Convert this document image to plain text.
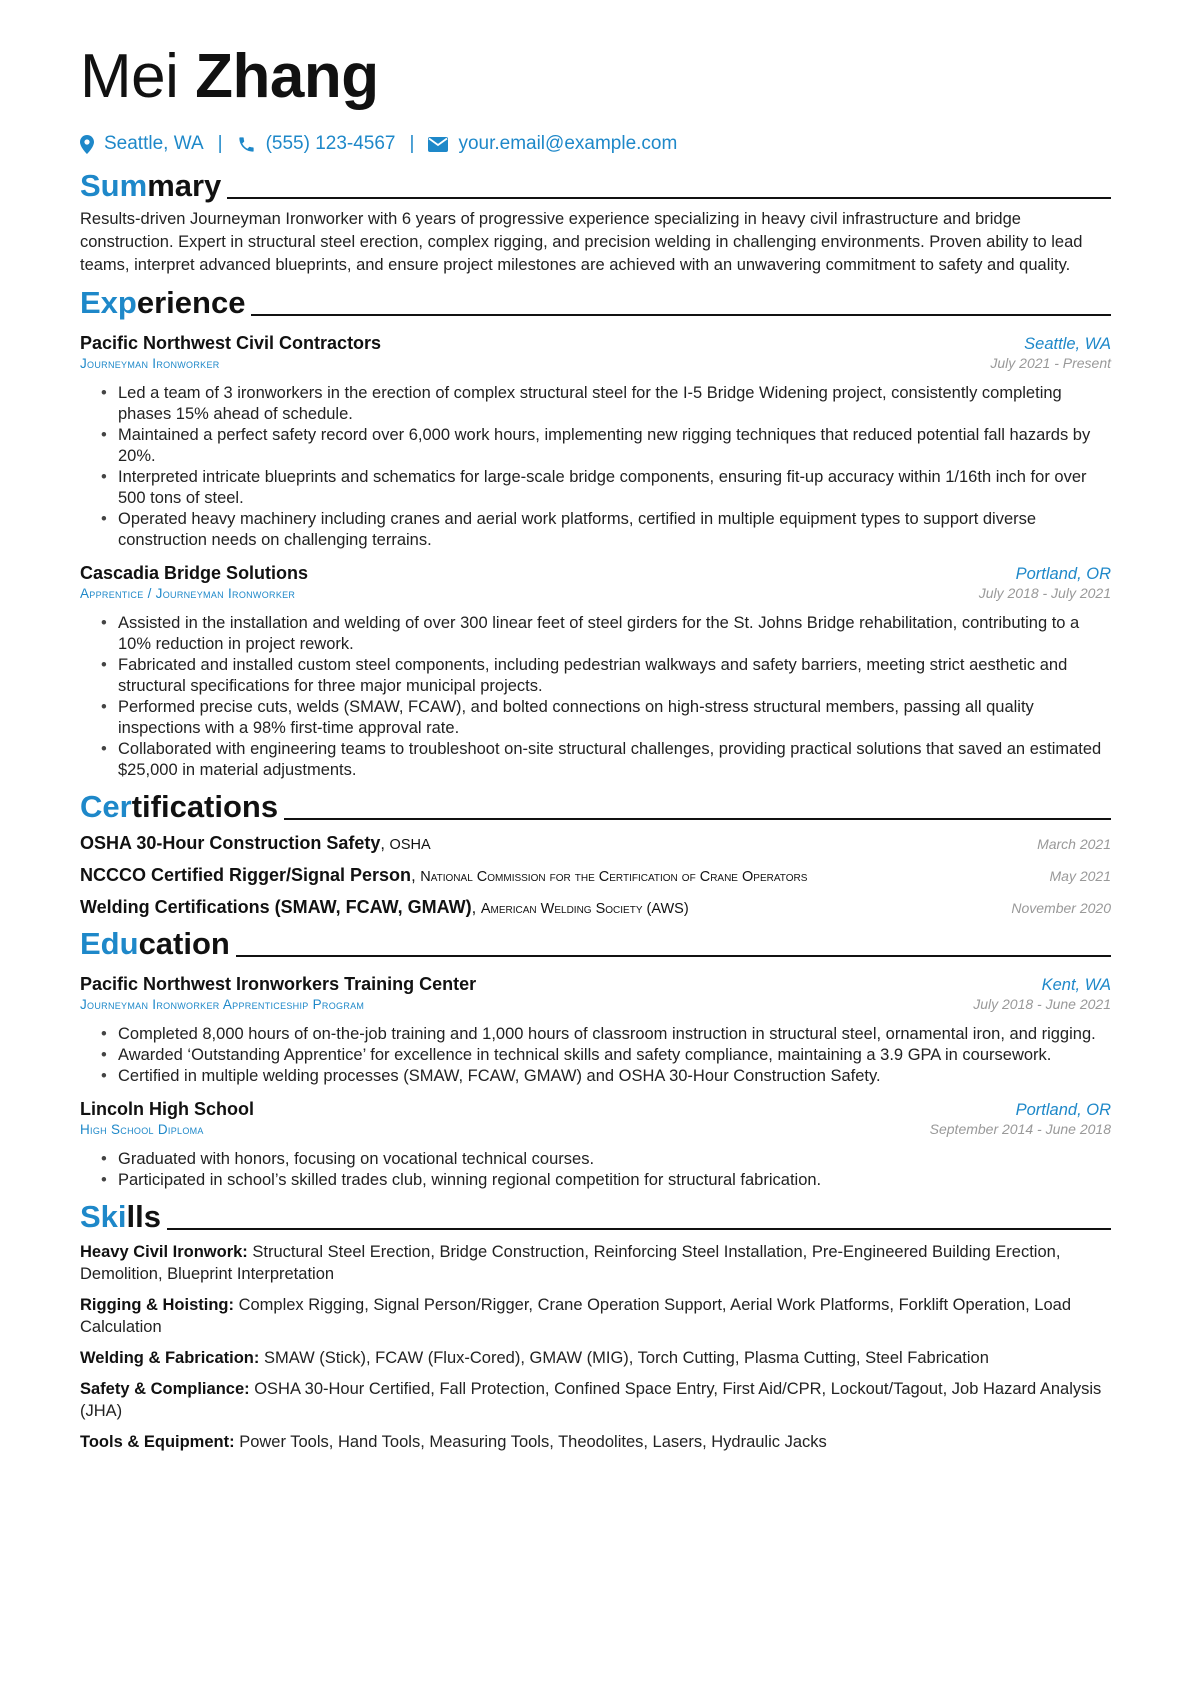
Mei Zhang
Seattle, WA | (555) 123-4567 | your.email@example.com
Summary

Results-driven Journeyman Ironworker with 6 years of progressive experience specializing in heavy civil infrastructure and bridge construction. Expert in structural steel erection, complex rigging, and precision welding in challenging environments. Proven ability to lead teams, interpret advanced blueprints, and ensure project milestones are achieved with an unwavering commitment to safety and quality.

Experience
Pacific Northwest Civil Contractors	Seattle, WA
Journeyman Ironworker	July 2021 - Present
• Led a team of 3 ironworkers in the erection of complex structural steel for the I-5 Bridge Widening project, consistently completing phases 15% ahead of schedule.
• Maintained a perfect safety record over 6,000 work hours, implementing new rigging techniques that reduced potential fall hazards by 20%.
• Interpreted intricate blueprints and schematics for large-scale bridge components, ensuring fit-up accuracy within 1/16th inch for over 500 tons of steel.
• Operated heavy machinery including cranes and aerial work platforms, certified in multiple equipment types to support diverse construction needs on challenging terrains.
Cascadia Bridge Solutions	Portland, OR
Apprentice / Journeyman Ironworker	July 2018 - July 2021
• Assisted in the installation and welding of over 300 linear feet of steel girders for the St. Johns Bridge rehabilitation, contributing to a 10% reduction in project rework.
• Fabricated and installed custom steel components, including pedestrian walkways and safety barriers, meeting strict aesthetic and structural specifications for three major municipal projects.
• Performed precise cuts, welds (SMAW, FCAW), and bolted connections on high-stress structural members, passing all quality inspections with a 98% first-time approval rate.
• Collaborated with engineering teams to troubleshoot on-site structural challenges, providing practical solutions that saved an estimated $25,000 in material adjustments.
Certifications
OSHA 30-Hour Construction Safety, OSHA	March 2021
NCCCO Certified Rigger/Signal Person, National Commission for the Certification of Crane Operators	May 2021
Welding Certifications (SMAW, FCAW, GMAW), American Welding Society (AWS)	November 2020
Education
Pacific Northwest Ironworkers Training Center	Kent, WA
Journeyman Ironworker Apprenticeship Program	July 2018 - June 2021
• Completed 8,000 hours of on-the-job training and 1,000 hours of classroom instruction in structural steel, ornamental iron, and rigging.
• Awarded ‘Outstanding Apprentice’ for excellence in technical skills and safety compliance, maintaining a 3.9 GPA in coursework.
• Certified in multiple welding processes (SMAW, FCAW, GMAW) and OSHA 30-Hour Construction Safety.
Lincoln High School	Portland, OR
High School Diploma	September 2014 - June 2018
• Graduated with honors, focusing on vocational technical courses.
• Participated in school’s skilled trades club, winning regional competition for structural fabrication.
Skills
Heavy Civil Ironwork: Structural Steel Erection, Bridge Construction, Reinforcing Steel Installation, Pre-Engineered Building Erection, Demolition, Blueprint Interpretation
Rigging & Hoisting: Complex Rigging, Signal Person/Rigger, Crane Operation Support, Aerial Work Platforms, Forklift Operation, Load Calculation
Welding & Fabrication: SMAW (Stick), FCAW (Flux-Cored), GMAW (MIG), Torch Cutting, Plasma Cutting, Steel Fabrication
Safety & Compliance: OSHA 30-Hour Certified, Fall Protection, Confined Space Entry, First Aid/CPR, Lockout/Tagout, Job Hazard Analysis (JHA)
Tools & Equipment: Power Tools, Hand Tools, Measuring Tools, Theodolites, Lasers, Hydraulic Jacks
